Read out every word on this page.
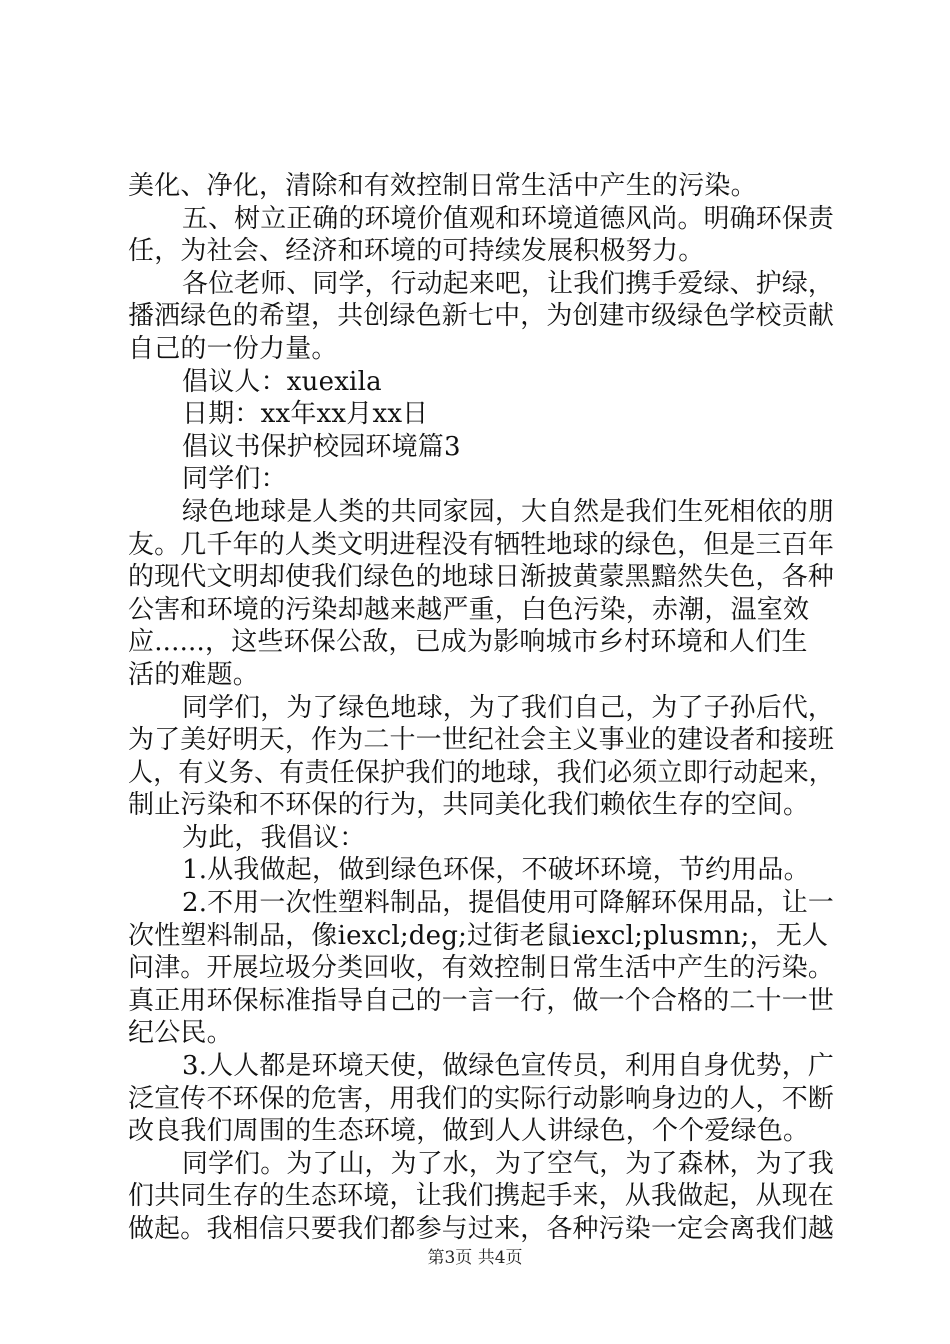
美化、净化，清除和有效控制日常生活中产生的污染。
五、树立正确的环境价值观和环境道德风尚。明确环保责
任，为社会、经济和环境的可持续发展积极努力。
各位老师、同学，行动起来吧，让我们携手爱绿、护绿，
播洒绿色的希望，共创绿色新七中，为创建市级绿色学校贡献
自己的一份力量。
倡议人：xuexila
日期：xx年xx月xx日
倡议书保护校园环境篇3
同学们：
绿色地球是人类的共同家园，大自然是我们生死相依的朋
友。几千年的人类文明进程没有牺牲地球的绿色，但是三百年
的现代文明却使我们绿色的地球日渐披黄蒙黑黯然失色，各种
公害和环境的污染却越来越严重，白色污染，赤潮，温室效
应......，这些环保公敌，已成为影响城市乡村环境和人们生
活的难题。
同学们，为了绿色地球，为了我们自己，为了子孙后代，
为了美好明天，作为二十一世纪社会主义事业的建设者和接班
人，有义务、有责任保护我们的地球，我们必须立即行动起来，
制止污染和不环保的行为，共同美化我们赖依生存的空间。
为此，我倡议：
1.从我做起，做到绿色环保，不破坏环境，节约用品。
2.不用一次性塑料制品，提倡使用可降解环保用品，让一
次性塑料制品，像iexcl;deg;过街老鼠iexcl;plusmn;，无人
问津。开展垃圾分类回收，有效控制日常生活中产生的污染。
真正用环保标准指导自己的一言一行，做一个合格的二十一世
纪公民。
3.人人都是环境天使，做绿色宣传员，利用自身优势，广
泛宣传不环保的危害，用我们的实际行动影响身边的人，不断
改良我们周围的生态环境，做到人人讲绿色，个个爱绿色。
同学们。为了山，为了水，为了空气，为了森林，为了我
们共同生存的生态环境，让我们携起手来，从我做起，从现在
做起。我相信只要我们都参与过来，各种污染一定会离我们越
第3页 共4页
